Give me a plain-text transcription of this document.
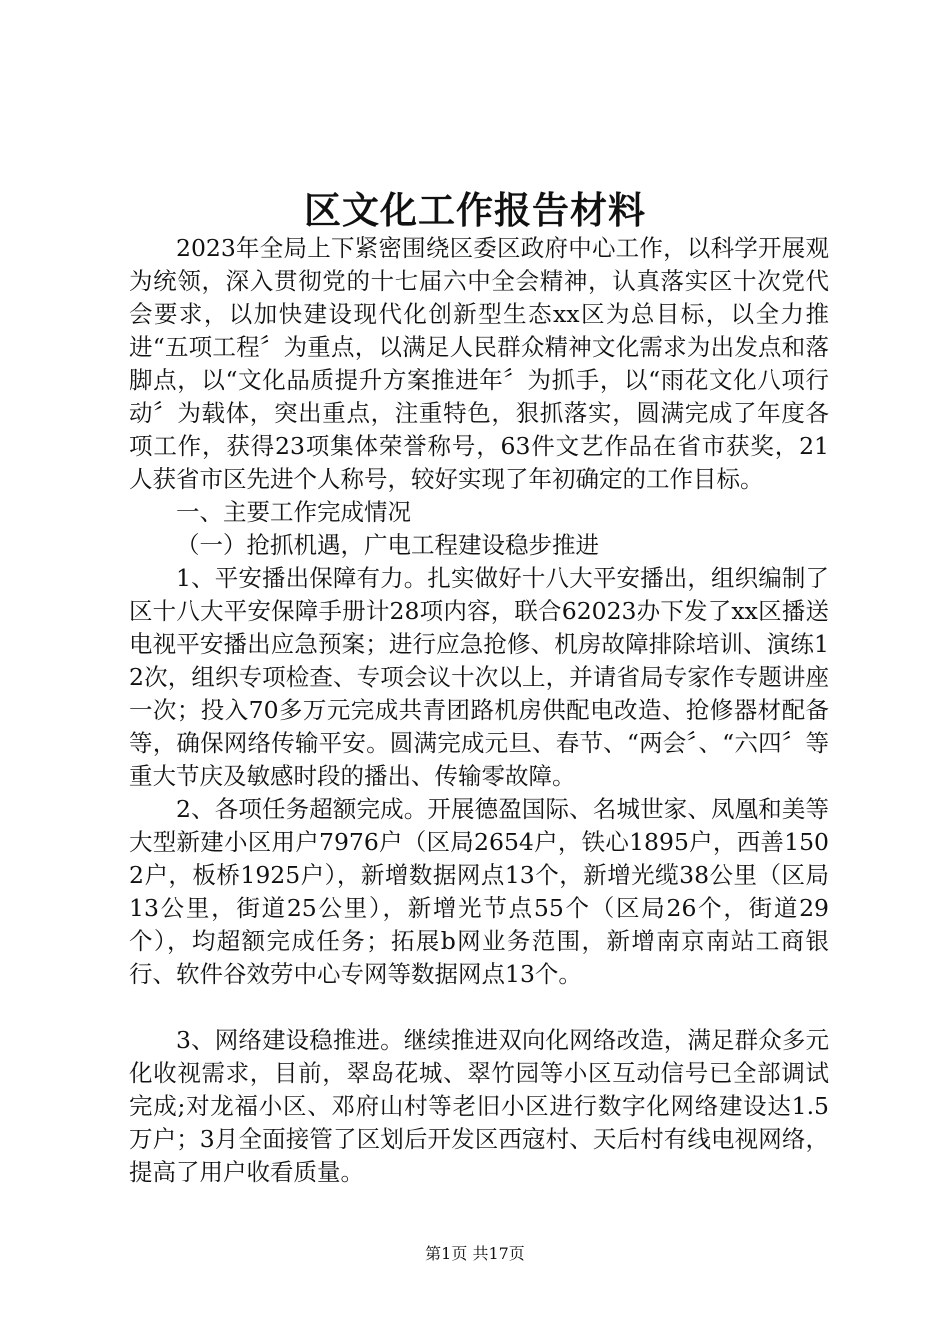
区文化工作报告材料

2023年全局上下紧密围绕区委区政府中心工作，以科学开展观为统领，深入贯彻党的十七届六中全会精神，认真落实区十次党代会要求，以加快建设现代化创新型生态xx区为总目标，以全力推进“五项工程〞为重点，以满足人民群众精神文化需求为出发点和落脚点，以“文化品质提升方案推进年〞为抓手，以“雨花文化八项行动〞为载体，突出重点，注重特色，狠抓落实，圆满完成了年度各项工作，获得23项集体荣誉称号，63件文艺作品在省市获奖，21人获省市区先进个人称号，较好实现了年初确定的工作目标。

一、主要工作完成情况

（一）抢抓机遇，广电工程建设稳步推进

1、平安播出保障有力。扎实做好十八大平安播出，组织编制了区十八大平安保障手册计28项内容，联合62023办下发了xx区播送电视平安播出应急预案；进行应急抢修、机房故障排除培训、演练12次，组织专项检查、专项会议十次以上，并请省局专家作专题讲座一次；投入70多万元完成共青团路机房供配电改造、抢修器材配备等，确保网络传输平安。圆满完成元旦、春节、“两会〞、“六四〞等重大节庆及敏感时段的播出、传输零故障。

2、各项任务超额完成。开展德盈国际、名城世家、凤凰和美等大型新建小区用户7976户（区局2654户，铁心1895户，西善1502户，板桥1925户），新增数据网点13个，新增光缆38公里（区局13公里，街道25公里），新增光节点55个（区局26个，街道29个），均超额完成任务；拓展b网业务范围，新增南京南站工商银行、软件谷效劳中心专网等数据网点13个。

3、网络建设稳推进。继续推进双向化网络改造，满足群众多元化收视需求，目前，翠岛花城、翠竹园等小区互动信号已全部调试完成;对龙福小区、邓府山村等老旧小区进行数字化网络建设达1.5万户；3月全面接管了区划后开发区西寇村、天后村有线电视网络，提高了用户收看质量。

第1页 共17页
